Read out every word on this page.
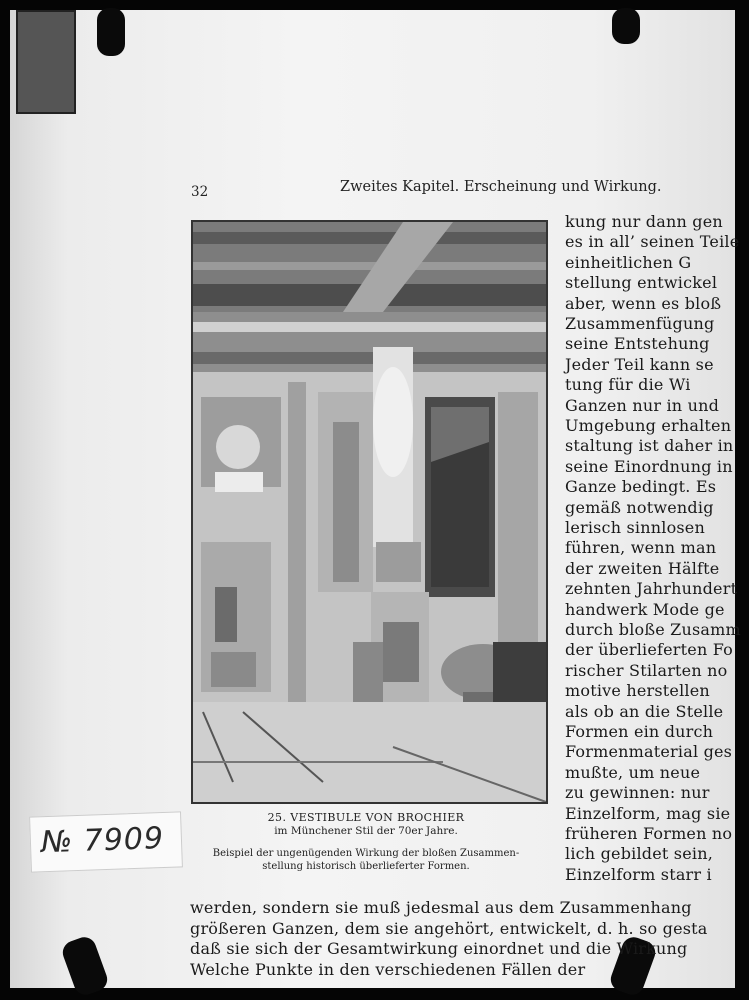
32	Zweites Kapitel. Erscheinung und Wirkung.
25. VESTIBULE VON BROCHIER
im Münchener Stil der 70er Jahre.
Beispiel der ungenügenden Wirkung der bloßen Zusammen-
stellung historisch überlieferter Formen.
kung nur dann gen
es in all’ seinen Teile
einheitlichen G
stellung entwickel
aber, wenn es bloß
Zusammenfügung
seine Entstehung
Jeder Teil kann se
tung für die Wi
Ganzen nur in und
Umgebung erhalten
staltung ist daher in
seine Einordnung in
Ganze bedingt. Es
gemäß notwendig
lerisch sinnlosen
führen, wenn man
der zweiten Hälfte
zehnten Jahrhundert
handwerk Mode ge
durch bloße Zusamm
der überlieferten Fo
rischer Stilarten no
motive herstellen
als ob an die Stelle
Formen ein durch
Formenmaterial ges
mußte, um neue
zu gewinnen: nur
Einzelform, mag sie
früheren Formen no
lich gebildet sein,
Einzelform starr i
werden, sondern sie muß jedesmal aus dem Zusammenhang
größeren Ganzen, dem sie angehört, entwickelt, d. h. so gesta
daß sie sich der Gesamtwirkung einordnet und die Wirkung
Welche Punkte in den verschiedenen Fällen der
№ 7909
